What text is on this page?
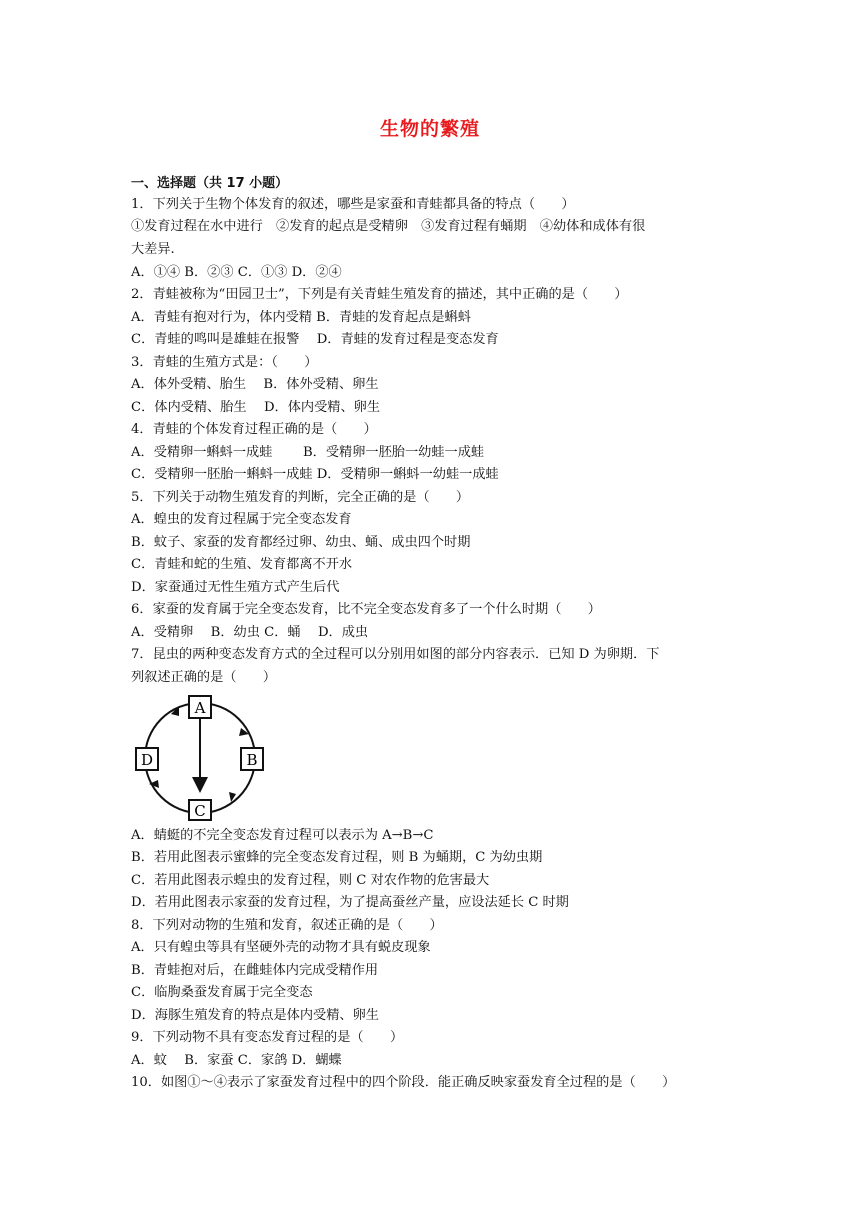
生物的繁殖
一、选择题（共 17 小题）
1．下列关于生物个体发育的叙述，哪些是家蚕和青蛙都具备的特点（　　）
①发育过程在水中进行　②发育的起点是受精卵　③发育过程有蛹期　④幼体和成体有很
大差异.
A．①④ B．②③ C．①③ D．②④
2．青蛙被称为“田园卫士”，下列是有关青蛙生殖发育的描述，其中正确的是（　　）
A．青蛙有抱对行为，体内受精 B．青蛙的发育起点是蝌蚪
C．青蛙的鸣叫是雄蛙在报警　 D．青蛙的发育过程是变态发育
3．青蛙的生殖方式是：（　　）
A．体外受精、胎生　 B．体外受精、卵生
C．体内受精、胎生　 D．体内受精、卵生
4．青蛙的个体发育过程正确的是（　　）
A．受精卵一蝌蚪一成蛙　　 B．受精卵一胚胎一幼蛙一成蛙
C．受精卵一胚胎一蝌蚪一成蛙 D．受精卵一蝌蚪一幼蛙一成蛙
5．下列关于动物生殖发育的判断，完全正确的是（　　）
A．蝗虫的发育过程属于完全变态发育
B．蚊子、家蚕的发育都经过卵、幼虫、蛹、成虫四个时期
C．青蛙和蛇的生殖、发育都离不开水
D．家蚕通过无性生殖方式产生后代
6．家蚕的发育属于完全变态发育，比不完全变态发育多了一个什么时期（　　）
A．受精卵　 B．幼虫 C．蛹　 D．成虫
7．昆虫的两种变态发育方式的全过程可以分别用如图的部分内容表示．已知 D 为卵期．下
列叙述正确的是（　　）
A
B
C
D
A．蜻蜓的不完全变态发育过程可以表示为 A→B→C
B．若用此图表示蜜蜂的完全变态发育过程，则 B 为蛹期，C 为幼虫期
C．若用此图表示蝗虫的发育过程，则 C 对农作物的危害最大
D．若用此图表示家蚕的发育过程，为了提高蚕丝产量，应设法延长 C 时期
8．下列对动物的生殖和发育，叙述正确的是（　　）
A．只有蝗虫等具有坚硬外壳的动物才具有蜕皮现象
B．青蛙抱对后，在雌蛙体内完成受精作用
C．临朐桑蚕发育属于完全变态
D．海豚生殖发育的特点是体内受精、卵生
9．下列动物不具有变态发育过程的是（　　）
A．蚊　 B．家蚕 C．家鸽 D．蝴蝶
10．如图①～④表示了家蚕发育过程中的四个阶段．能正确反映家蚕发育全过程的是（　　）
